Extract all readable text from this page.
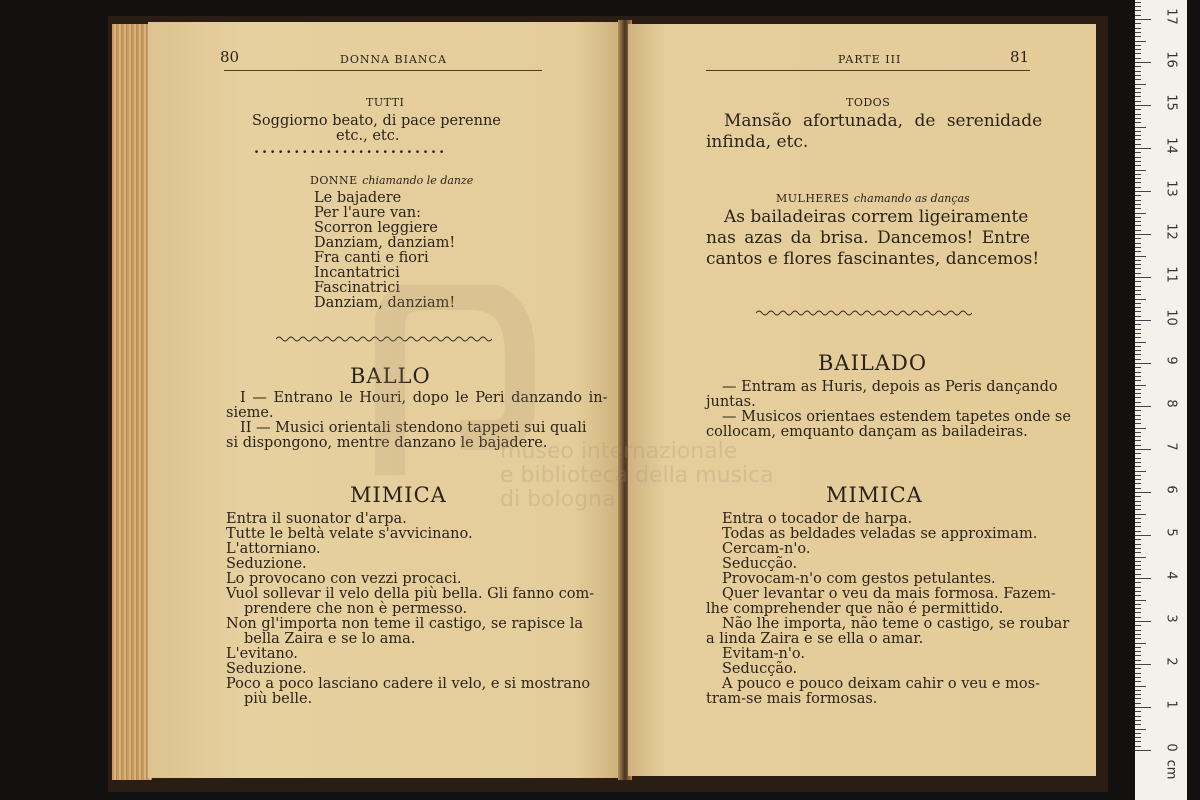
80	DONNA BIANCA
TUTTI
Soggiorno beato, di pace perenne
etc., etc.
........................
DONNE chiamando le danze
Le bajadere
Per l'aure van:
Scorron leggiere
Danziam, danziam!
Fra canti e fiori
Incantatrici
Fascinatrici
Danziam, danziam!
BALLO
I — Entrano le Houri, dopo le Peri danzando in-
sieme.
II — Musici orientali stendono tappeti sui quali
si dispongono, mentre danzano le bajadere.
MIMICA
Entra il suonator d'arpa.
Tutte le beltà velate s'avvicinano.
L'attorniano.
Seduzione.
Lo provocano con vezzi procaci.
Vuol sollevar il velo della più bella. Gli fanno com-
prendere che non è permesso.
Non gl'importa non teme il castigo, se rapisce la
bella Zaira e se lo ama.
L'evitano.
Seduzione.
Poco a poco lasciano cadere il velo, e si mostrano
più belle.
PARTE III	81
TODOS
Mansão afortunada, de serenidade
infinda, etc.
MULHERES chamando as danças
As bailadeiras correm ligeiramente
nas azas da brisa. Dancemos! Entre
cantos e flores fascinantes, dancemos!
BAILADO
— Entram as Huris, depois as Peris dançando
juntas.
— Musicos orientaes estendem tapetes onde se
collocam, emquanto dançam as bailadeiras.
MIMICA
Entra o tocador de harpa.
Todas as beldades veladas se approximam.
Cercam-n'o.
Seducção.
Provocam-n'o com gestos petulantes.
Quer levantar o veu da mais formosa. Fazem-
lhe comprehender que não é permittido.
Não lhe importa, não teme o castigo, se roubar
a linda Zaira e se ella o amar.
Evitam-n'o.
Seducção.
A pouco e pouco deixam cahir o veu e mos-
tram-se mais formosas.
museo internazionale
e biblioteca della musica
di bologna
cm
0
1
2
3
4
5
6
7
8
9
10
11
12
13
14
15
16
17
